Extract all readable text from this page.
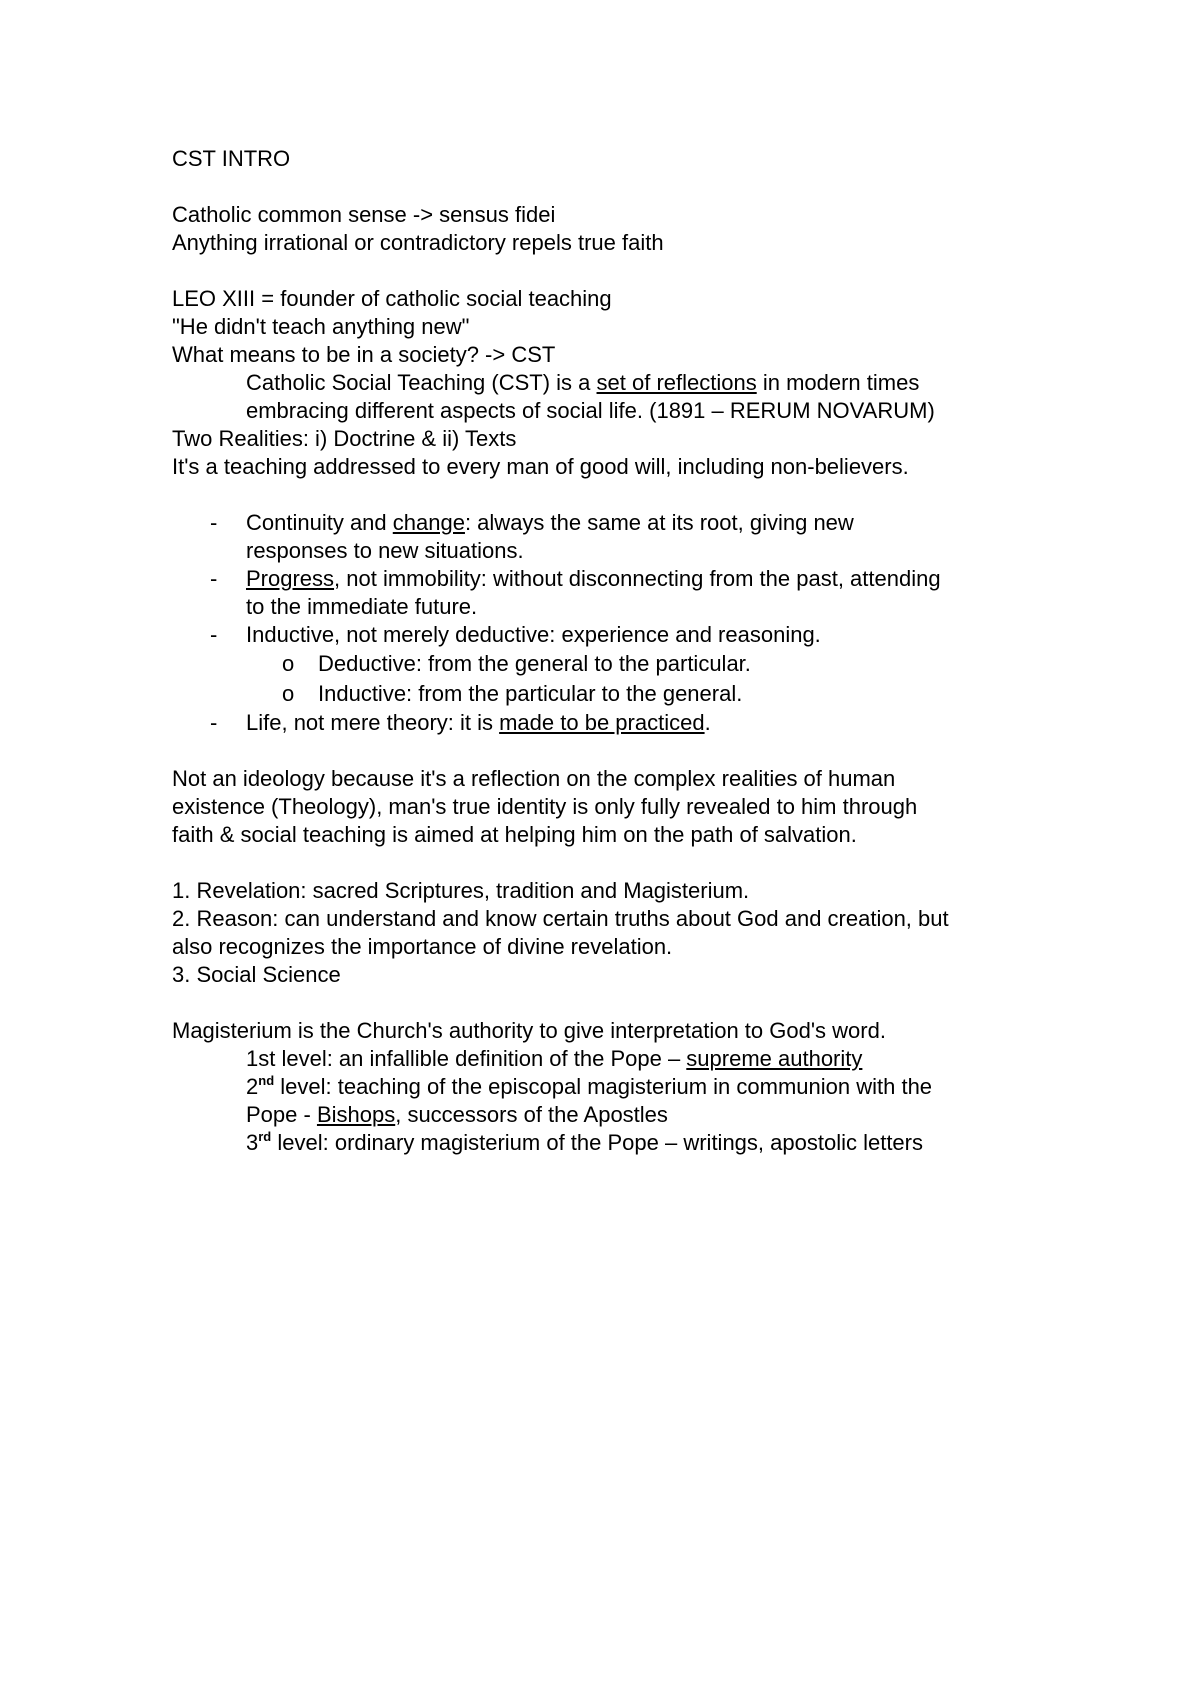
CST INTRO
Catholic common sense -> sensus fidei
Anything irrational or contradictory repels true faith
LEO XIII = founder of catholic social teaching
"He didn't teach anything new"
What means to be in a society? -> CST
Catholic Social Teaching (CST) is a set of reflections in modern times
embracing different aspects of social life. (1891 – RERUM NOVARUM)
Two Realities: i) Doctrine & ii) Texts
It's a teaching addressed to every man of good will, including non-believers.
- Continuity and change: always the same at its root, giving new
responses to new situations.
- Progress, not immobility: without disconnecting from the past, attending
to the immediate future.
- Inductive, not merely deductive: experience and reasoning.
o Deductive: from the general to the particular.
o Inductive: from the particular to the general.
- Life, not mere theory: it is made to be practiced.
Not an ideology because it's a reflection on the complex realities of human
existence (Theology), man's true identity is only fully revealed to him through
faith & social teaching is aimed at helping him on the path of salvation.
1. Revelation: sacred Scriptures, tradition and Magisterium.
2. Reason: can understand and know certain truths about God and creation, but
also recognizes the importance of divine revelation.
3. Social Science
Magisterium is the Church's authority to give interpretation to God's word.
1st level: an infallible definition of the Pope – supreme authority
2nd level: teaching of the episcopal magisterium in communion with the
Pope - Bishops, successors of the Apostles
3rd level: ordinary magisterium of the Pope – writings, apostolic letters
